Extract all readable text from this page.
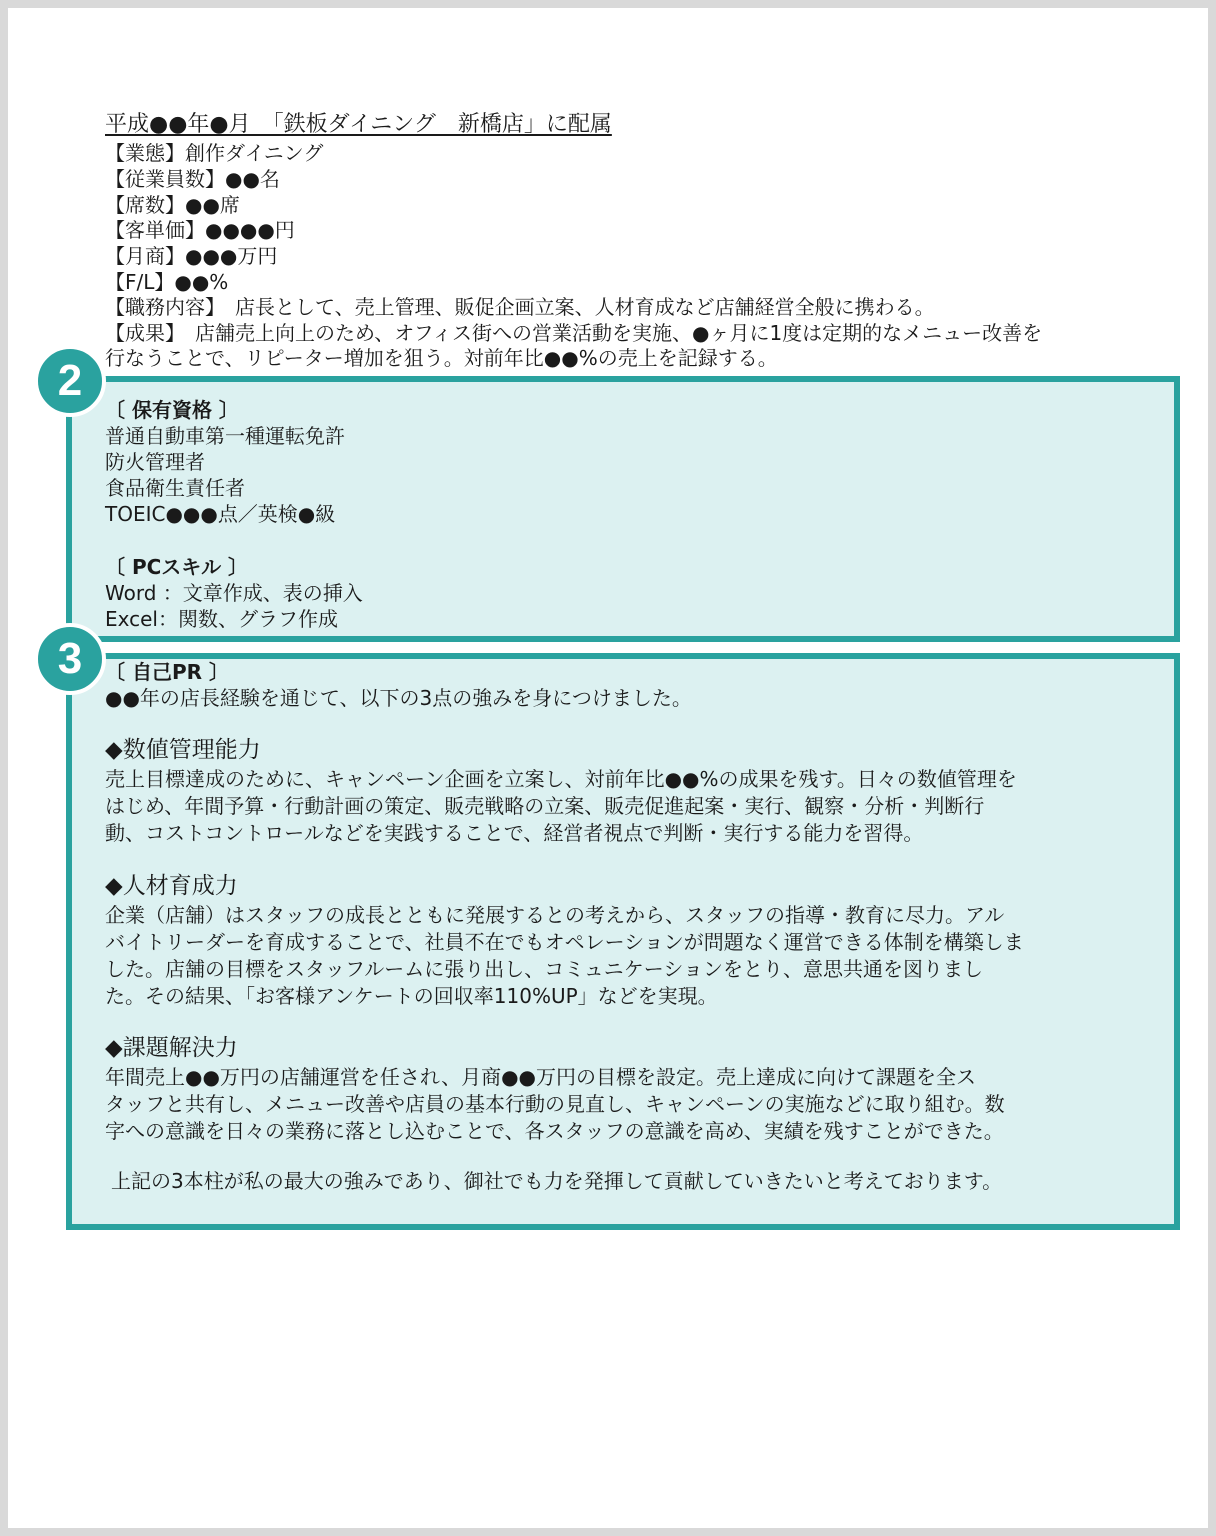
平成●●年●月　「鉄板ダイニング　新橋店」に配属
【業態】創作ダイニング
【従業員数】●●名
【席数】●●席
【客単価】●●●●円
【月商】●●●万円
【F/L】●●%
【職務内容】　店長として、売上管理、販促企画立案、人材育成など店舗経営全般に携わる。
【成果】　店舗売上向上のため、オフィス街への営業活動を実施、●ヶ月に1度は定期的なメニュー改善を
行なうことで、リピーター増加を狙う。対前年比●●%の売上を記録する。
2
〔 保有資格 〕
普通自動車第一種運転免許
防火管理者
食品衛生責任者
TOEIC●●●点／英検●級
〔 PCスキル 〕
Word ：文章作成、表の挿入
Excel：関数、グラフ作成
3	〔 自己PR 〕
●●年の店長経験を通じて、以下の3点の強みを身につけました。
◆数値管理能力
売上目標達成のために、キャンペーン企画を立案し、対前年比●●%の成果を残す。日々の数値管理を
はじめ、年間予算・行動計画の策定、販売戦略の立案、販売促進起案・実行、観察・分析・判断行
動、コストコントロールなどを実践することで、経営者視点で判断・実行する能力を習得。
◆人材育成力
企業（店舗）はスタッフの成長とともに発展するとの考えから、スタッフの指導・教育に尽力。アル
バイトリーダーを育成することで、社員不在でもオペレーションが問題なく運営できる体制を構築しま
した。店舗の目標をスタッフルームに張り出し、コミュニケーションをとり、意思共通を図りまし
た。その結果、「お客様アンケートの回収率110%UP」などを実現。
◆課題解決力
年間売上●●万円の店舗運営を任され、月商●●万円の目標を設定。売上達成に向けて課題を全ス
タッフと共有し、メニュー改善や店員の基本行動の見直し、キャンペーンの実施などに取り組む。数
字への意識を日々の業務に落とし込むことで、各スタッフの意識を高め、実績を残すことができた。
上記の3本柱が私の最大の強みであり、御社でも力を発揮して貢献していきたいと考えております。
